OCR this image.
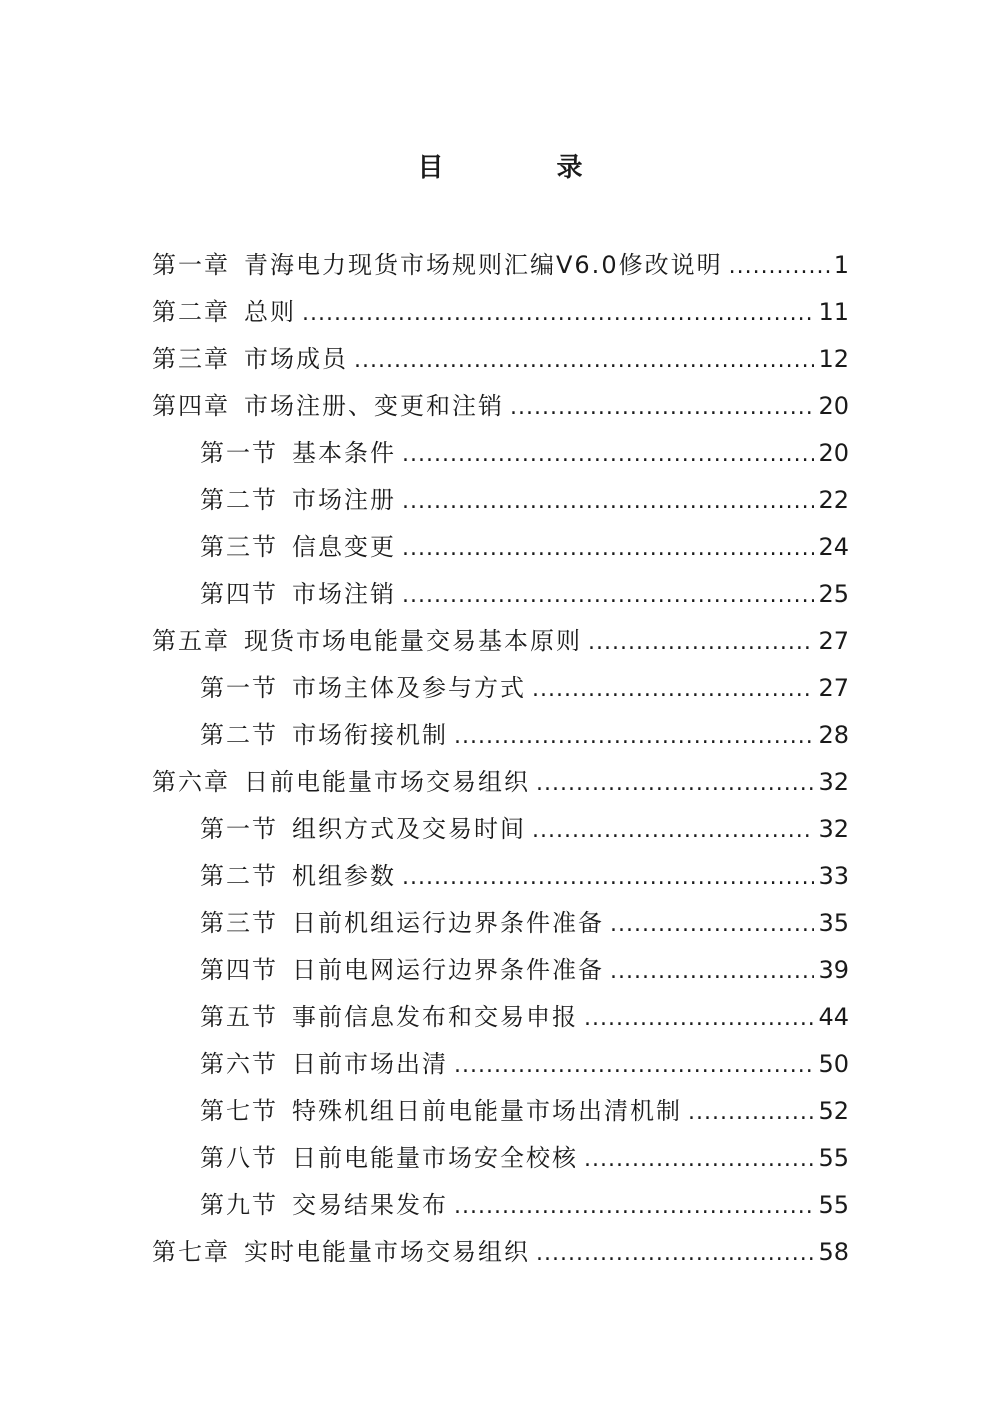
目 录
第一章 青海电力现货市场规则汇编V6.0修改说明 .....	1
第二章 总则 .....	11
第三章 市场成员 .....	12
第四章 市场注册、变更和注销 .....	20
第一节 基本条件 .....	20
第二节 市场注册 .....	22
第三节 信息变更 .....	24
第四节 市场注销 .....	25
第五章 现货市场电能量交易基本原则 .....	27
第一节 市场主体及参与方式 .....	27
第二节 市场衔接机制 .....	28
第六章 日前电能量市场交易组织 .....	32
第一节 组织方式及交易时间 .....	32
第二节 机组参数 .....	33
第三节 日前机组运行边界条件准备 .....	35
第四节 日前电网运行边界条件准备 .....	39
第五节 事前信息发布和交易申报 .....	44
第六节 日前市场出清 .....	50
第七节 特殊机组日前电能量市场出清机制 .....	52
第八节 日前电能量市场安全校核 .....	55
第九节 交易结果发布 .....	55
第七章 实时电能量市场交易组织 .....	58
